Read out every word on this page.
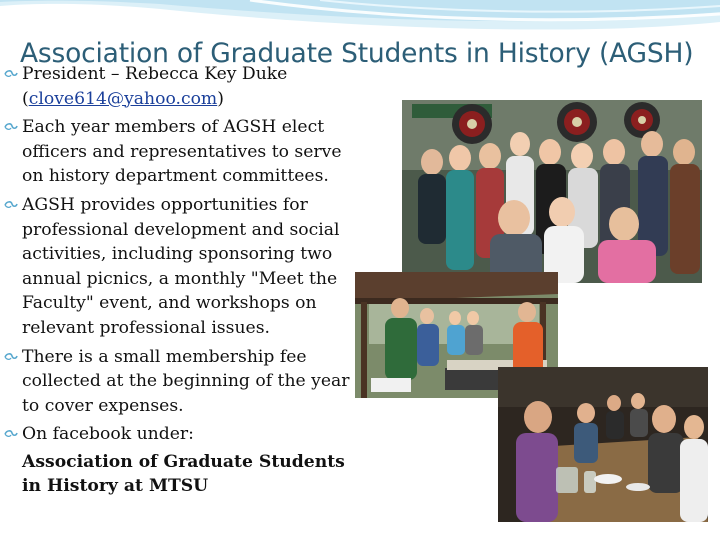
Association of Graduate Students in History (AGSH)
President – Rebecca Key Duke
(clove614@yahoo.com)
Each year members of AGSH elect officers and representatives to serve on history department committees.
AGSH provides opportunities for professional development and social activities, including sponsoring two annual picnics, a monthly "Meet the Faculty" event, and workshops on relevant professional issues.
There is a small membership fee collected at the beginning of the year to cover expenses.
On facebook under:
Association of Graduate Students in History at MTSU
